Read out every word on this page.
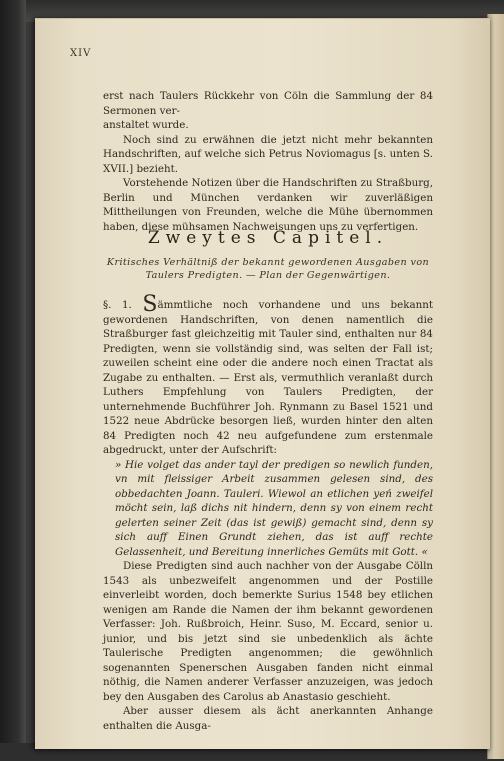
XIV

erst nach Taulers Rückkehr von Cöln die Sammlung der 84 Sermonen ver-

anstaltet wurde.

Noch sind zu erwähnen die jetzt nicht mehr bekannten Handschriften, auf welche sich Petrus Noviomagus [s. unten S. XVII.] bezieht.

Vorstehende Notizen über die Handschriften zu Straßburg, Berlin und München verdanken wir zuverläßigen Mittheilungen von Freunden, welche die Mühe übernommen haben, diese mühsamen Nachweisungen uns zu verfertigen.

Zweytes Capitel.
Kritisches Verhältniß der bekannt gewordenen Ausgaben von Taulers Predigten. — Plan der Gegenwärtigen.

§. 1. Sämmtliche noch vorhandene und uns bekannt gewordenen Handschriften, von denen namentlich die Straßburger fast gleichzeitig mit Tauler sind, enthalten nur 84 Predigten, wenn sie vollständig sind, was selten der Fall ist; zuweilen scheint eine oder die andere noch einen Tractat als Zugabe zu enthalten. — Erst als, vermuthlich veranlaßt durch Luthers Empfehlung von Taulers Predigten, der unternehmende Buchführer Joh. Rynmann zu Basel 1521 und 1522 neue Abdrücke besorgen ließ, wurden hinter den alten 84 Predigten noch 42 neu aufgefundene zum erstenmale abgedruckt, unter der Aufschrift:

» Hie volget das ander tayl der predigen so newlich funden, vn mit fleissiger Arbeit zusammen gelesen sind, des obbedachten Joann. Tauleri. Wiewol an etlichen yeń zweifel möcht sein, laß dichs nit hindern, denn sy von einem recht gelerten seiner Zeit (das ist gewiß) gemacht sind, denn sy sich auff Einen Grundt ziehen, das ist auff rechte Gelassenheit, und Bereitung innerliches Gemüts mit Gott. «

Diese Predigten sind auch nachher von der Ausgabe Cölln 1543 als unbezweifelt angenommen und der Postille einverleibt worden, doch bemerkte Surius 1548 bey etlichen wenigen am Rande die Namen der ihm bekannt gewordenen Verfasser: Joh. Rußbroich, Heinr. Suso, M. Eccard, senior u. junior, und bis jetzt sind sie unbedenklich als ächte Taulerische Predigten angenommen; die gewöhnlich sogenannten Spenerschen Ausgaben fanden nicht einmal nöthig, die Namen anderer Verfasser anzuzeigen, was jedoch bey den Ausgaben des Carolus ab Anastasio geschieht.

Aber ausser diesem als ächt anerkannten Anhange enthalten die Ausga-
